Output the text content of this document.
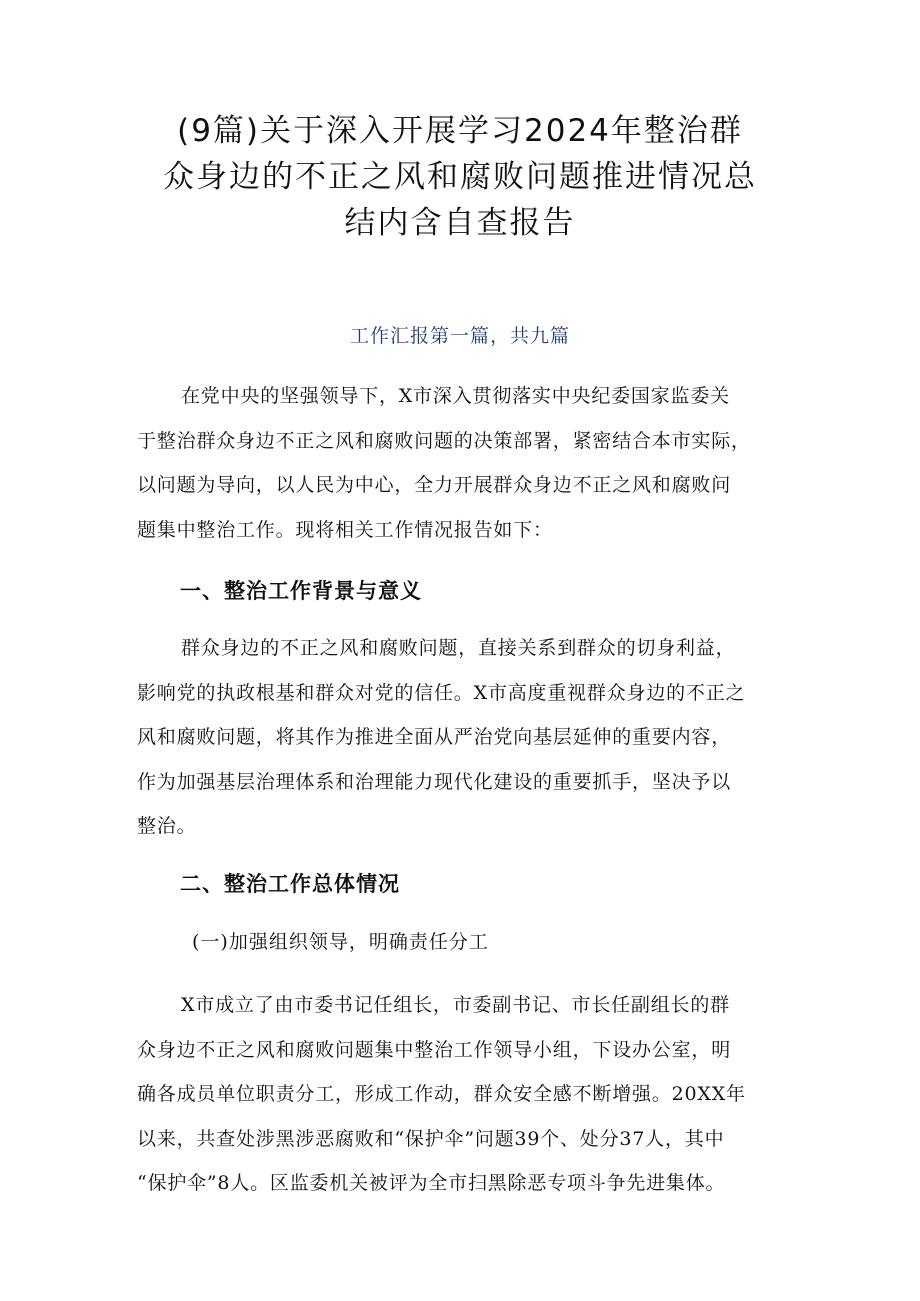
(9篇)关于深入开展学习2024年整治群
众身边的不正之风和腐败问题推进情况总
结内含自查报告
工作汇报第一篇，共九篇

在党中央的坚强领导下，X市深入贯彻落实中央纪委国家监委关
于整治群众身边不正之风和腐败问题的决策部署，紧密结合本市实际，
以问题为导向，以人民为中心，全力开展群众身边不正之风和腐败问
题集中整治工作。现将相关工作情况报告如下：

一、整治工作背景与意义

群众身边的不正之风和腐败问题，直接关系到群众的切身利益，
影响党的执政根基和群众对党的信任。X市高度重视群众身边的不正之
风和腐败问题，将其作为推进全面从严治党向基层延伸的重要内容，
作为加强基层治理体系和治理能力现代化建设的重要抓手，坚决予以
整治。

二、整治工作总体情况
(一)加强组织领导，明确责任分工

X市成立了由市委书记任组长，市委副书记、市长任副组长的群
众身边不正之风和腐败问题集中整治工作领导小组，下设办公室，明
确各成员单位职责分工，形成工作动，群众安全感不断增强。20XX年
以来，共查处涉黑涉恶腐败和“保护伞”问题39个、处分37人，其中
“保护伞”8人。区监委机关被评为全市扫黑除恶专项斗争先进集体。
